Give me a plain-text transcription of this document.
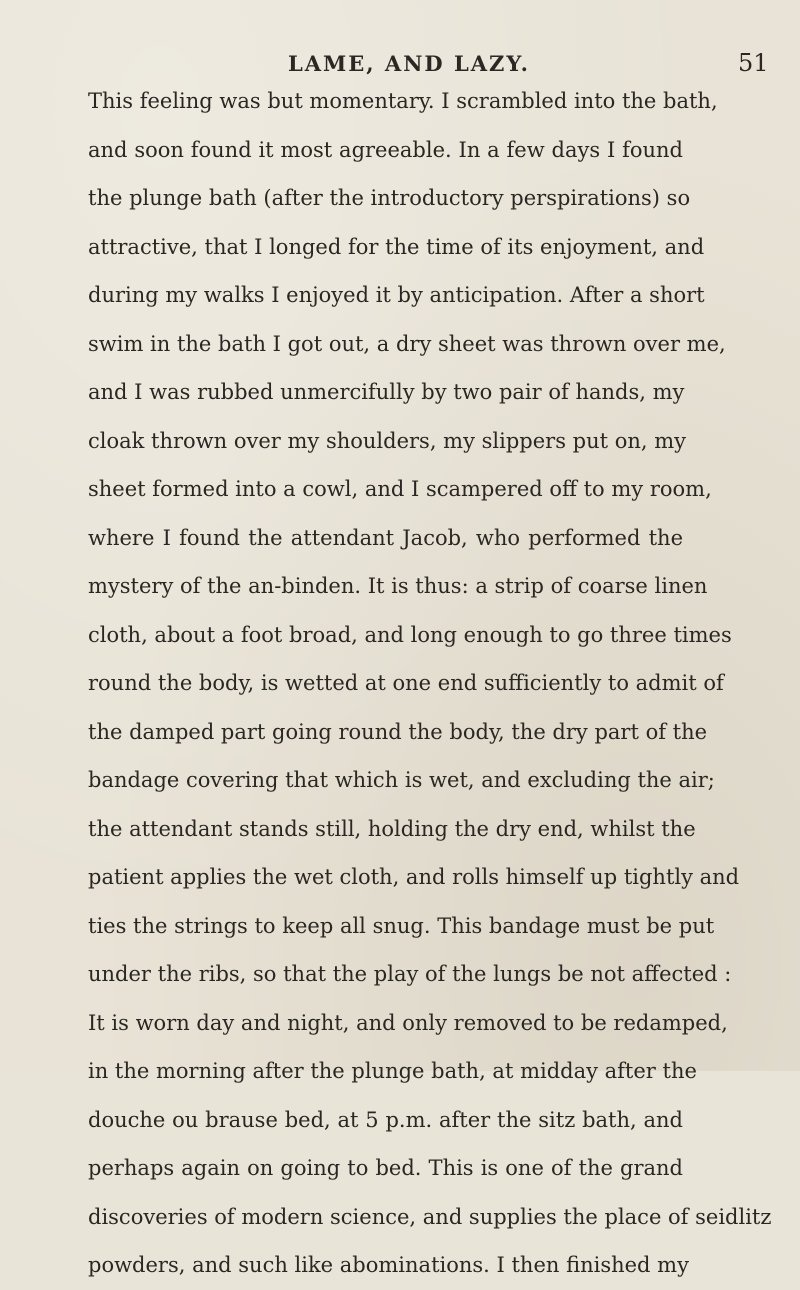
LAME, AND LAZY.	51
This feeling was but momentary. I scrambled into the bath,
and soon found it most agreeable. In a few days I found
the plunge bath (after the introductory perspirations) so
attractive, that I longed for the time of its enjoyment, and
during my walks I enjoyed it by anticipation. After a short
swim in the bath I got out, a dry sheet was thrown over me,
and I was rubbed unmercifully by two pair of hands, my
cloak thrown over my shoulders, my slippers put on, my
sheet formed into a cowl, and I scampered off to my room,
where I found the attendant Jacob, who performed the
mystery of the an-binden. It is thus: a strip of coarse linen
cloth, about a foot broad, and long enough to go three times
round the body, is wetted at one end sufficiently to admit of
the damped part going round the body, the dry part of the
bandage covering that which is wet, and excluding the air;
the attendant stands still, holding the dry end, whilst the
patient applies the wet cloth, and rolls himself up tightly and
ties the strings to keep all snug. This bandage must be put
under the ribs, so that the play of the lungs be not affected :
It is worn day and night, and only removed to be redamped,
in the morning after the plunge bath, at midday after the
douche ou brause bed, at 5 p.m. after the sitz bath, and
perhaps again on going to bed. This is one of the grand
discoveries of modern science, and supplies the place of seidlitz
powders, and such like abominations. I then finished my
